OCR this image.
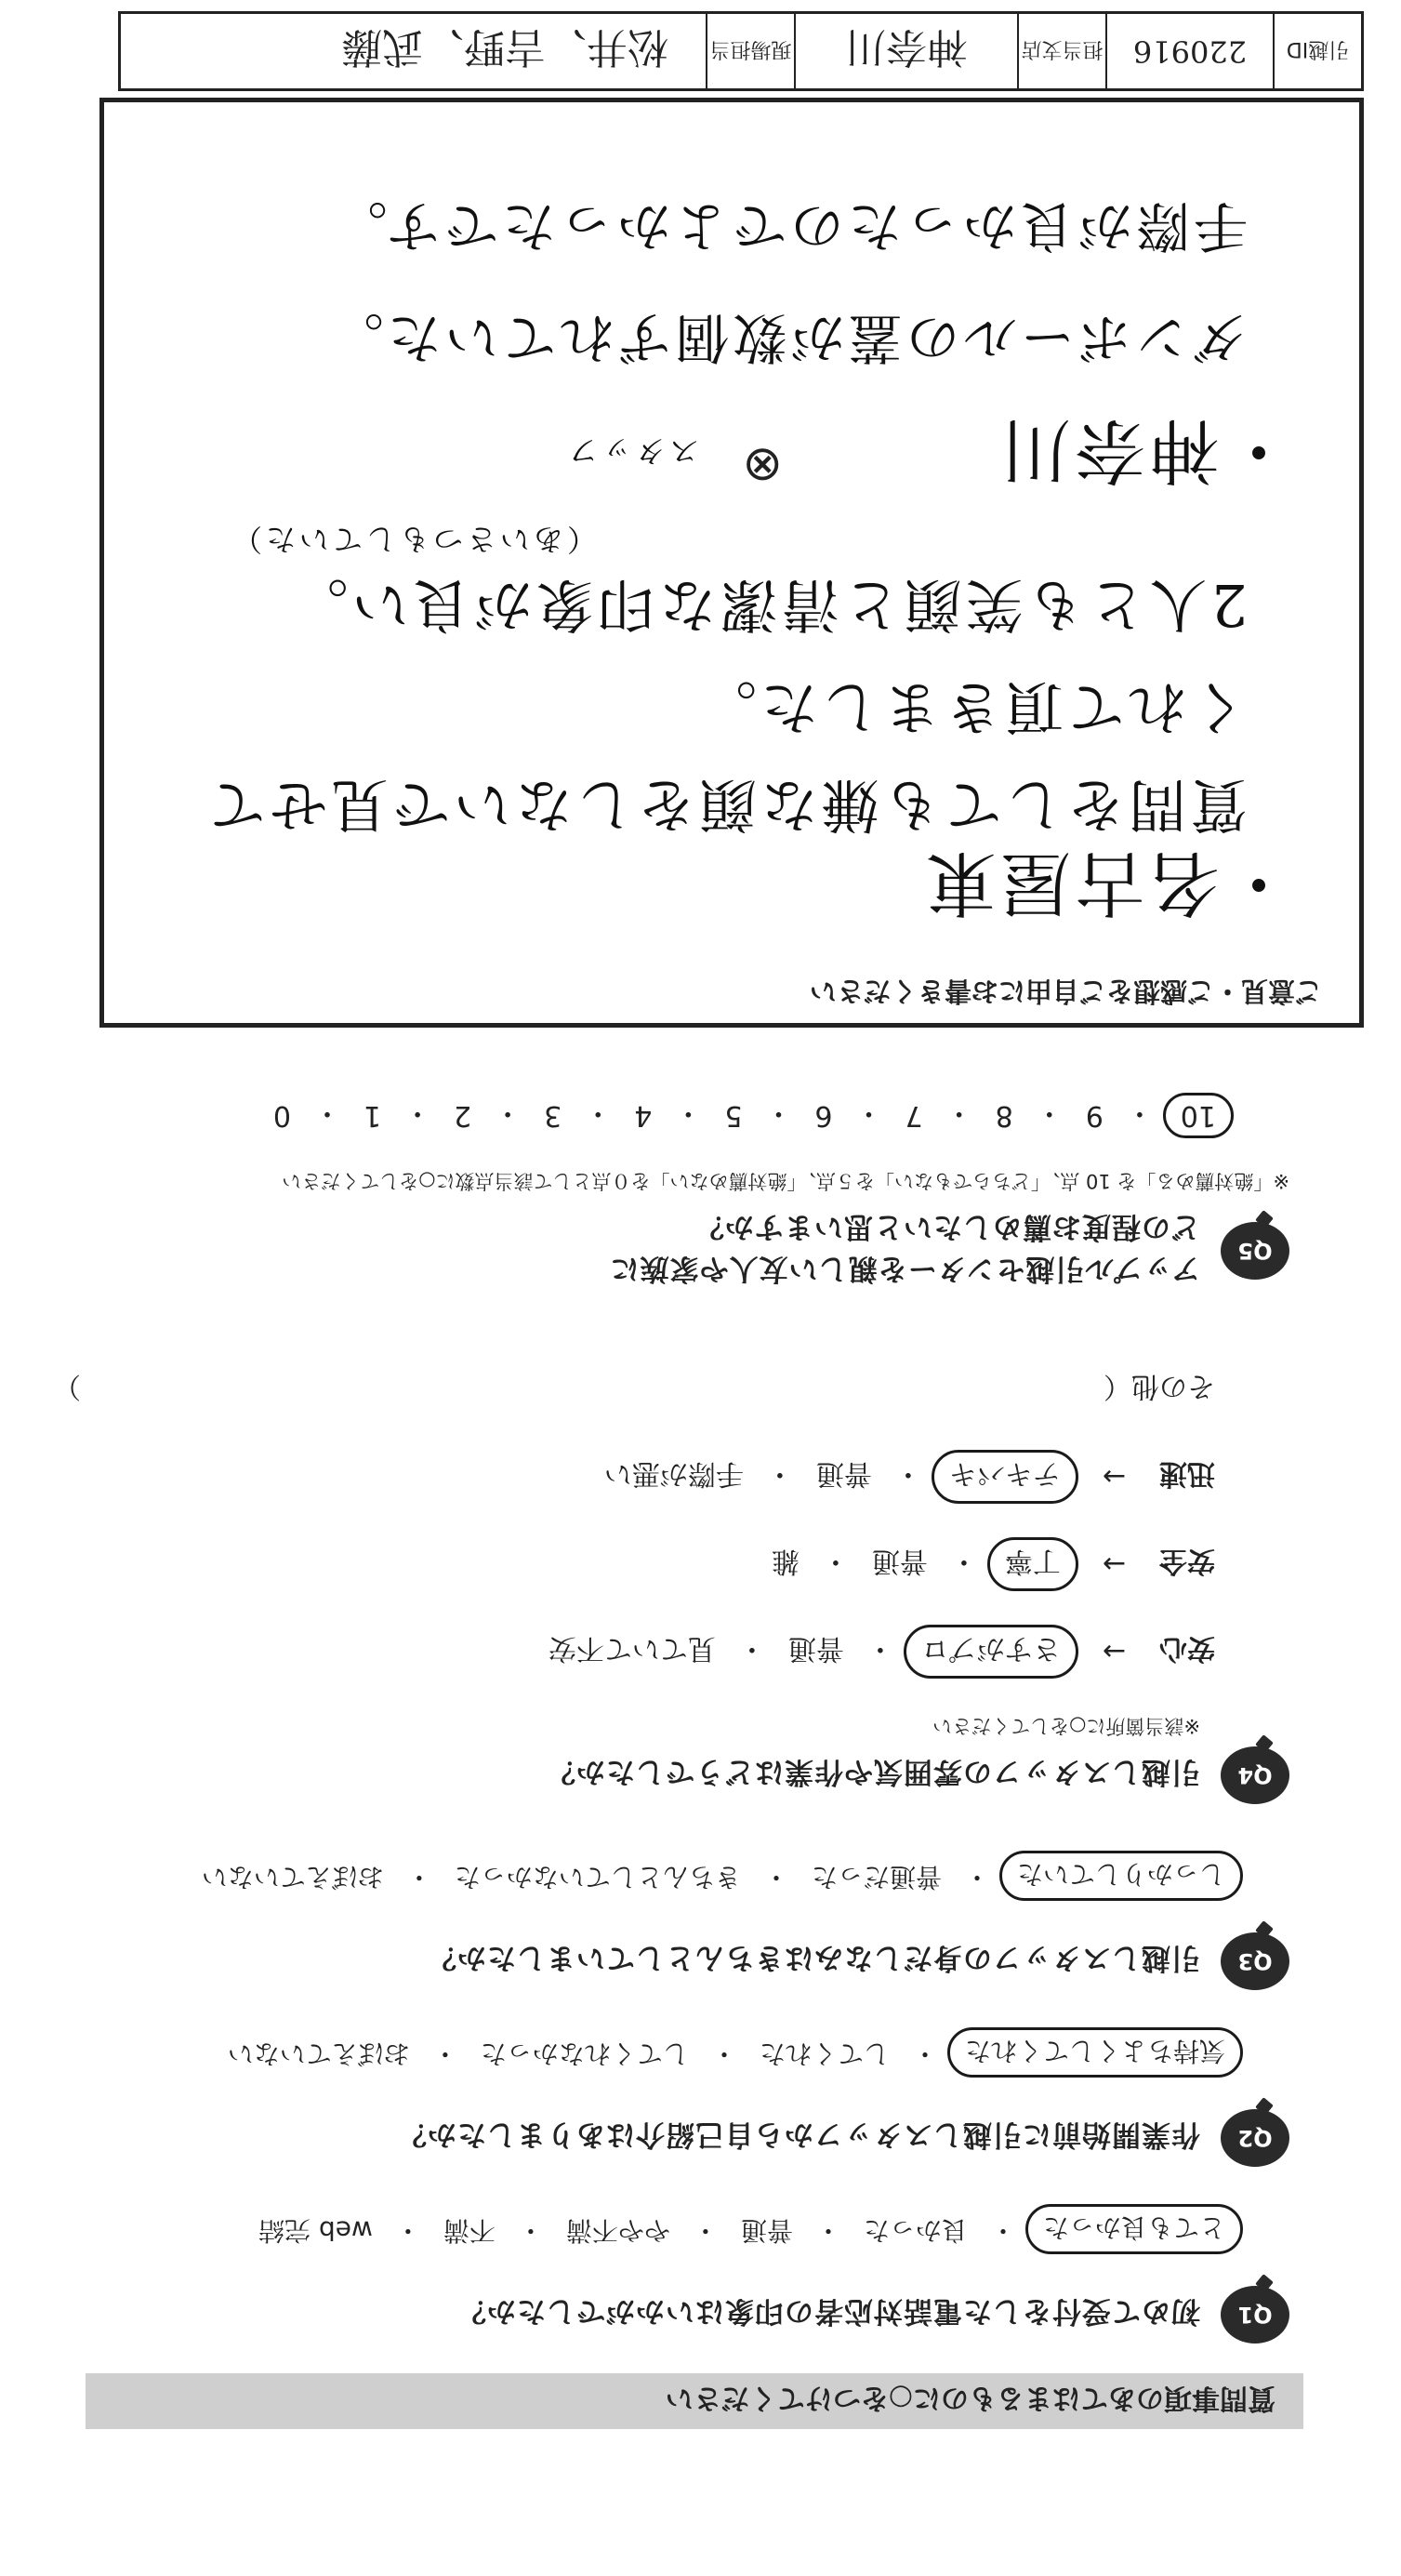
質問事項のあてはまるものに○をつけてください
Q1
初めて受付をした電話対応者の印象はいかがでしたか？
とても良かった
・
良かった
・
普通
・
やや不満
・
不満
・
web 完結
Q2
作業開始前に引越しスタッフから自己紹介はありましたか？
気持ちよくしてくれた
・
してくれた
・
してくれなかった
・
おぼえていない
Q3
引越しスタッフの身だしなみはきちんとしていましたか？
しっかりしていた
・
普通だった
・
きちんとしていなかった
・
おぼえていない
Q4
引越しスタッフの雰囲気や作業はどうでしたか？
※該当箇所に○をしてください
安心
→
さすがプロ
・
普通
・
見ていて不安
安全
→
丁寧
・
普通
・
雑
迅速
→
テキパキ
・
普通
・
手際が悪い
その他（
）
Q5
アップル引越センターを親しい友人や家族に
どの程度お薦めしたいと思いますか？
※「絶対薦める」を 10 点、「どちらでもない」を５点、「絶対薦めない」を０点として該当点数に○をしてください
10
・
9
・
8
・
7
・
6
・
5
・
4
・
3
・
2
・
1
・
0
ご意見・ご感想をご自由にお書きください
・名古屋東
質問をしても嫌な顔をしないで見せて
くれて頂きました。
2人とも笑顔と清潔な印象が良い。
（あいさつもしていた）
・神奈川
⊗
スタッフ
ダンボールの蓋が数個ずれていた。
手際が良かったのでよかったです。
引越ID
220916
担当支店
神奈川
現場担当
松井、吉野、武藤
